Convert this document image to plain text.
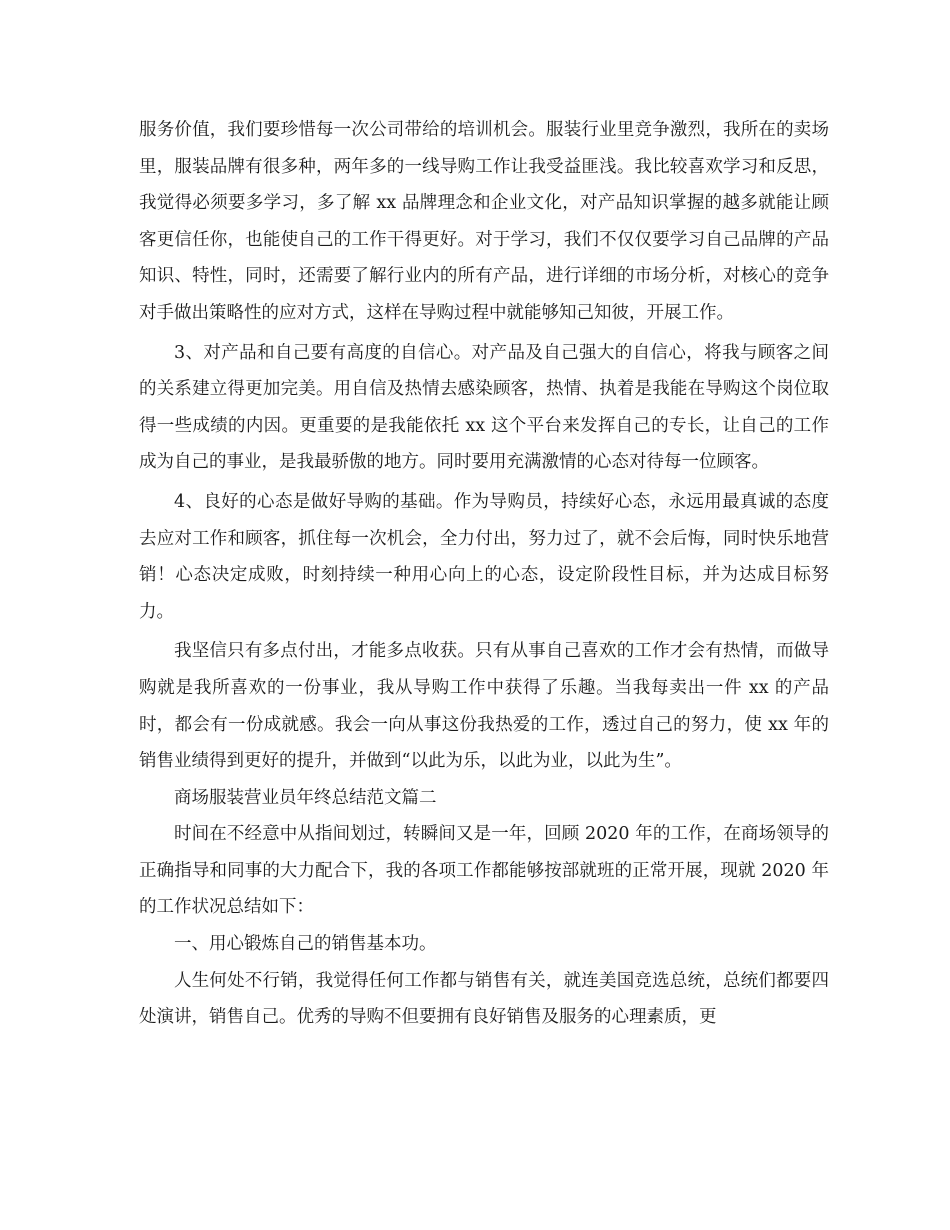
服务价值，我们要珍惜每一次公司带给的培训机会。服装行业里竞争激烈，我所在的卖场里，服装品牌有很多种，两年多的一线导购工作让我受益匪浅。我比较喜欢学习和反思，我觉得必须要多学习，多了解 xx 品牌理念和企业文化，对产品知识掌握的越多就能让顾客更信任你，也能使自己的工作干得更好。对于学习，我们不仅仅要学习自己品牌的产品知识、特性，同时，还需要了解行业内的所有产品，进行详细的市场分析，对核心的竞争对手做出策略性的应对方式，这样在导购过程中就能够知己知彼，开展工作。

3、对产品和自己要有高度的自信心。对产品及自己强大的自信心，将我与顾客之间的关系建立得更加完美。用自信及热情去感染顾客，热情、执着是我能在导购这个岗位取得一些成绩的内因。更重要的是我能依托 xx 这个平台来发挥自己的专长，让自己的工作成为自己的事业，是我最骄傲的地方。同时要用充满激情的心态对待每一位顾客。

4、良好的心态是做好导购的基础。作为导购员，持续好心态，永远用最真诚的态度去应对工作和顾客，抓住每一次机会，全力付出，努力过了，就不会后悔，同时快乐地营销！心态决定成败，时刻持续一种用心向上的心态，设定阶段性目标，并为达成目标努力。

我坚信只有多点付出，才能多点收获。只有从事自己喜欢的工作才会有热情，而做导购就是我所喜欢的一份事业，我从导购工作中获得了乐趣。当我每卖出一件 xx 的产品时，都会有一份成就感。我会一向从事这份我热爱的工作，透过自己的努力，使 xx 年的销售业绩得到更好的提升，并做到“以此为乐，以此为业，以此为生”。

商场服装营业员年终总结范文篇二

时间在不经意中从指间划过，转瞬间又是一年，回顾 2020 年的工作，在商场领导的正确指导和同事的大力配合下，我的各项工作都能够按部就班的正常开展，现就 2020 年的工作状况总结如下：

一、用心锻炼自己的销售基本功。

人生何处不行销，我觉得任何工作都与销售有关，就连美国竞选总统，总统们都要四处演讲，销售自己。优秀的导购不但要拥有良好销售及服务的心理素质，更
